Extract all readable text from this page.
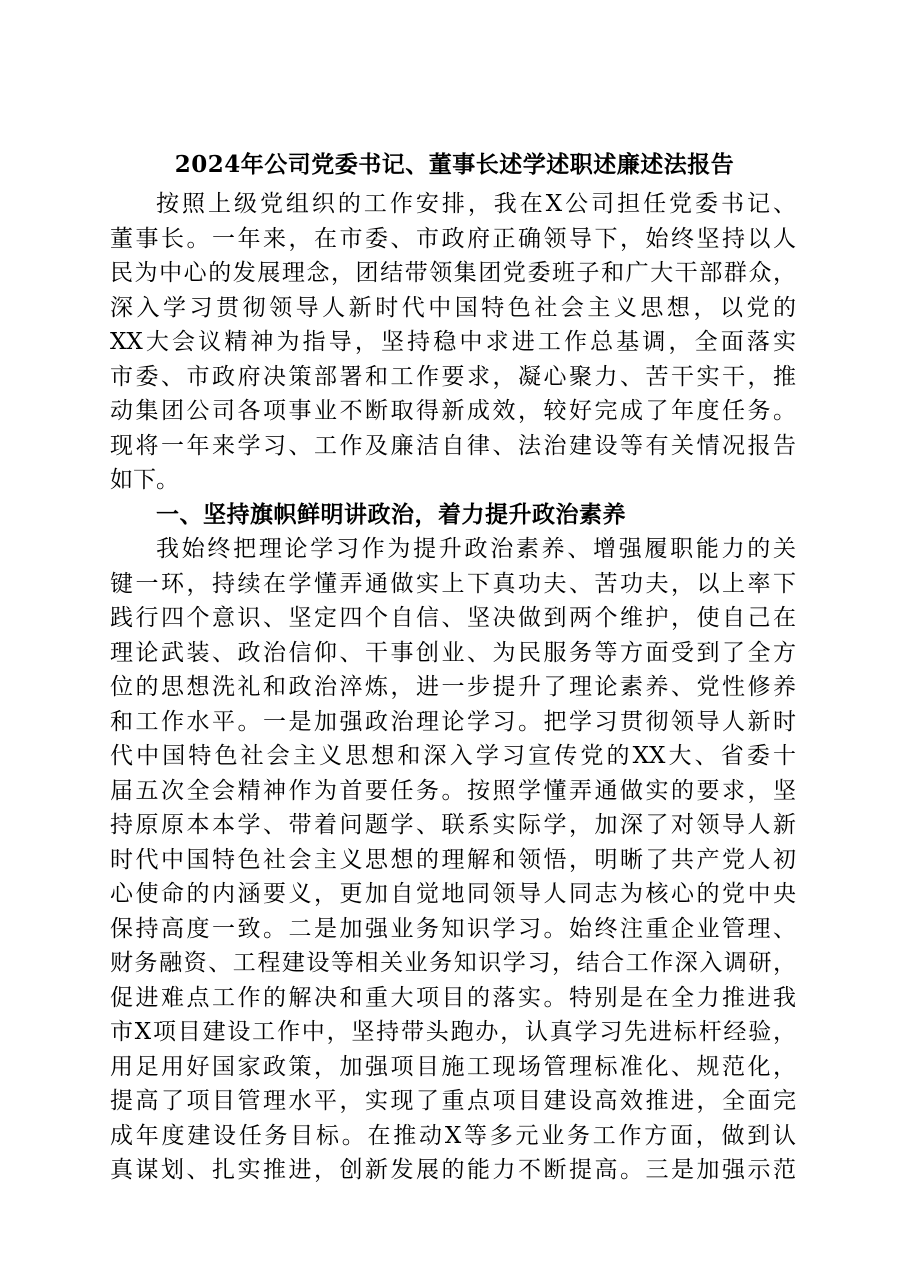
2024年公司党委书记、董事长述学述职述廉述法报告
按照上级党组织的工作安排，我在X公司担任党委书记、
董事长。一年来，在市委、市政府正确领导下，始终坚持以人
民为中心的发展理念，团结带领集团党委班子和广大干部群众，
深入学习贯彻领导人新时代中国特色社会主义思想，以党的
XX大会议精神为指导，坚持稳中求进工作总基调，全面落实
市委、市政府决策部署和工作要求，凝心聚力、苦干实干，推
动集团公司各项事业不断取得新成效，较好完成了年度任务。
现将一年来学习、工作及廉洁自律、法治建设等有关情况报告
如下。
一、坚持旗帜鲜明讲政治，着力提升政治素养
我始终把理论学习作为提升政治素养、增强履职能力的关
键一环，持续在学懂弄通做实上下真功夫、苦功夫，以上率下
践行四个意识、坚定四个自信、坚决做到两个维护，使自己在
理论武装、政治信仰、干事创业、为民服务等方面受到了全方
位的思想洗礼和政治淬炼，进一步提升了理论素养、党性修养
和工作水平。一是加强政治理论学习。把学习贯彻领导人新时
代中国特色社会主义思想和深入学习宣传党的XX大、省委十
届五次全会精神作为首要任务。按照学懂弄通做实的要求，坚
持原原本本学、带着问题学、联系实际学，加深了对领导人新
时代中国特色社会主义思想的理解和领悟，明晰了共产党人初
心使命的内涵要义，更加自觉地同领导人同志为核心的党中央
保持高度一致。二是加强业务知识学习。始终注重企业管理、
财务融资、工程建设等相关业务知识学习，结合工作深入调研，
促进难点工作的解决和重大项目的落实。特别是在全力推进我
市X项目建设工作中，坚持带头跑办，认真学习先进标杆经验，
用足用好国家政策，加强项目施工现场管理标准化、规范化，
提高了项目管理水平，实现了重点项目建设高效推进，全面完
成年度建设任务目标。在推动X等多元业务工作方面，做到认
真谋划、扎实推进，创新发展的能力不断提高。三是加强示范
